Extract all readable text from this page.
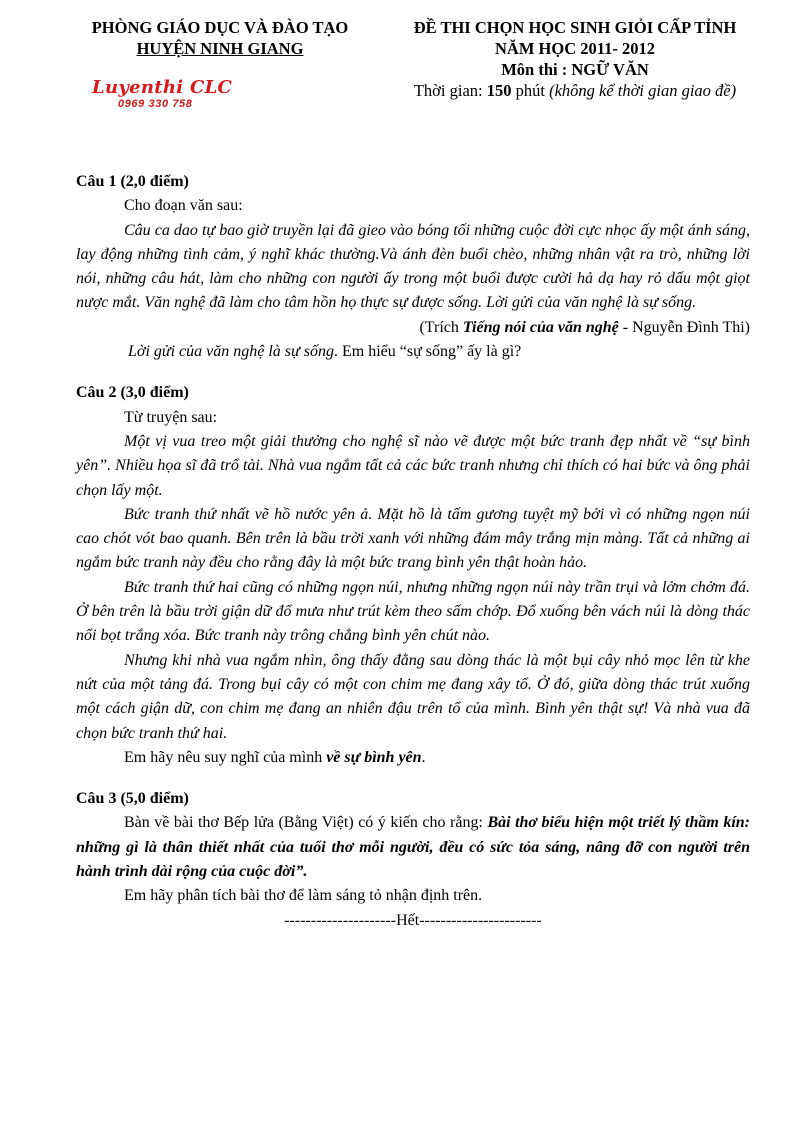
PHÒNG GIÁO DỤC VÀ ĐÀO TẠO
HUYỆN NINH GIANG
ĐỀ THI CHỌN HỌC SINH GIỎI CẤP TỈNH
NĂM HỌC 2011- 2012
Môn thi : NGỮ VĂN
Thời gian: 150 phút (không kể thời gian giao đề)
Luyenthi CLC
0969 330 758

Câu 1 (2,0 điểm)

Cho đoạn văn sau:

Câu ca dao tự bao giờ truyền lại đã gieo vào bóng tối những cuộc đời cực nhọc ấy một ánh sáng, lay động những tình cảm, ý nghĩ khác thường.Và ánh đèn buổi chèo, những nhân vật ra trò, những lời nói, những câu hát, làm cho những con người ấy trong một buổi được cười hả dạ hay rỏ dấu một giọt nược mắt. Văn nghệ đã làm cho tâm hồn họ thực sự được sống. Lời gửi của văn nghệ là sự sống.

(Trích Tiếng nói của văn nghệ - Nguyễn Đình Thi)

Lời gửi của văn nghệ là sự sống. Em hiểu “sự sống” ấy là gì?

Câu 2 (3,0 điểm)

Từ truyện sau:

Một vị vua treo một giải thưởng cho nghệ sĩ nào vẽ được một bức tranh đẹp nhất về “sự bình yên”. Nhiều họa sĩ đã trổ tài. Nhà vua ngắm tất cả các bức tranh nhưng chỉ thích có hai bức và ông phải chọn lấy một.

Bức tranh thứ nhất vẽ hồ nước yên ả. Mặt hồ là tấm gương tuyệt mỹ bởi vì có những ngọn núi cao chót vót bao quanh. Bên trên là bầu trời xanh với những đám mây trắng mịn màng. Tất cả những ai ngắm bức tranh này đều cho rằng đây là một bức trang bình yên thật hoàn hảo.

Bức tranh thứ hai cũng có những ngọn núi, nhưng những ngọn núi này trần trụi và lởm chởm đá. Ở bên trên là bầu trời giận dữ đổ mưa như trút kèm theo sấm chớp. Đổ xuống bên vách núi là dòng thác nổi bọt trắng xóa. Bức tranh này trông chẳng bình yên chút nào.

Nhưng khi nhà vua ngắm nhìn, ông thấy đằng sau dòng thác là một bụi cây nhỏ mọc lên từ khe nứt của một tảng đá. Trong bụi cây có một con chim mẹ đang xây tổ. Ở đó, giữa dòng thác trút xuống một cách giận dữ, con chim mẹ đang an nhiên đậu trên tổ của mình. Bình yên thật sự! Và nhà vua đã chọn bức tranh thứ hai.

Em hãy nêu suy nghĩ của mình về sự bình yên.

Câu 3 (5,0 điểm)

Bàn về bài thơ Bếp lửa (Bằng Việt) có ý kiến cho rằng: Bài thơ biểu hiện một triết lý thầm kín: những gì là thân thiết nhất của tuổi thơ mỗi người, đều có sức tỏa sáng, nâng đỡ con người trên hành trình dài rộng của cuộc đời”.

Em hãy phân tích bài thơ để làm sáng tỏ nhận định trên.

---------------------Hết-----------------------
